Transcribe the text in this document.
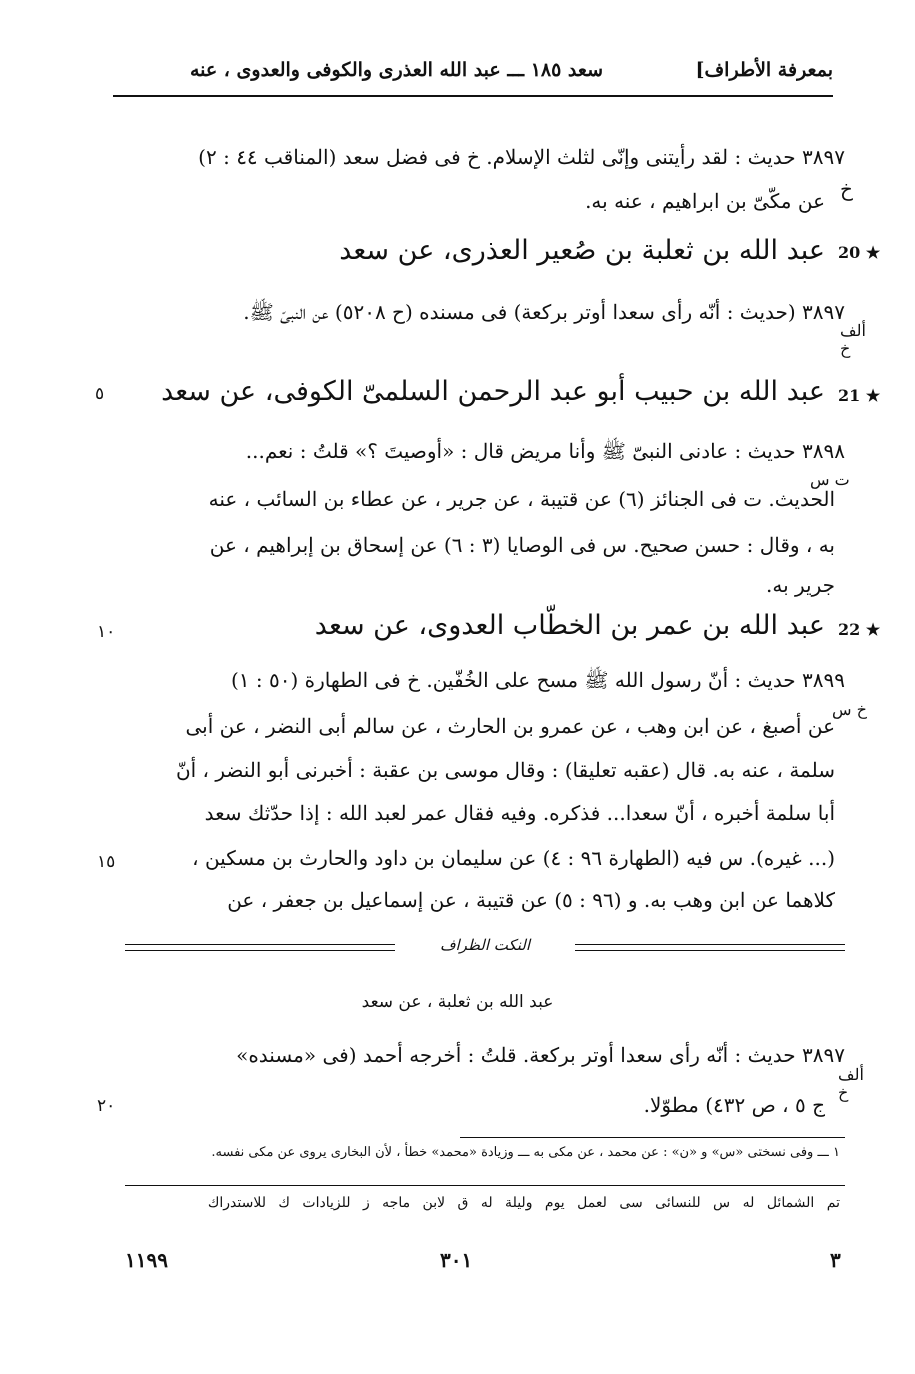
بمعرفة الأطراف]
سعد ١٨٥ ـــ عبد الله العذرى والكوفى والعدوى ، عنه
٣٨٩٧ حديث : لقد رأيتنى وإنّى لثلث الإسلام. خ فى فضل سعد (المناقب ٤٤ : ٢)
خ
عن مكّىّ بن ابراهيم ، عنه به.
20 ★
عبد الله بن ثعلبة بن صُعير العذرى، عن سعد
٣٨٩٧ (حديث : أنّه رأى سعدا أوتر بركعة) فى مسنده (ح ٥٢٠٨) عن النبىّ ﷺ.
ألف خ
21 ★
عبد الله بن حبيب أبو عبد الرحمن السلمىّ الكوفى، عن سعد
٥
٣٨٩٨ حديث : عادنى النبىّ ﷺ وأنا مريض قال : «أوصيتَ ؟» قلتُ : نعم...
ت س
الحديث. ت فى الجنائز (٦) عن قتيبة ، عن جرير ، عن عطاء بن السائب ، عنه
به ، وقال : حسن صحيح. س فى الوصايا (٣ : ٦) عن إسحاق بن إبراهيم ، عن
جرير به.
22 ★
عبد الله بن عمر بن الخطّاب العدوى، عن سعد
١٠
٣٨٩٩ حديث : أنّ رسول الله ﷺ مسح على الخُفّين. خ فى الطهارة (٥٠ : ١)
خ س
عن أصبغ ، عن ابن وهب ، عن عمرو بن الحارث ، عن سالم أبى النضر ، عن أبى
سلمة ، عنه به. قال (عقبه تعليقا) : وقال موسى بن عقبة : أخبرنى أبو النضر ، أنّ
أبا سلمة أخبره ، أنّ سعدا... فذكره. وفيه فقال عمر لعبد الله : إذا حدّثك سعد
(... غيره). س فيه (الطهارة ٩٦ : ٤) عن سليمان بن داود والحارث بن مسكين ،
١٥
كلاهما عن ابن وهب به. و (٩٦ : ٥) عن قتيبة ، عن إسماعيل بن جعفر ، عن
النكت الظراف
عبد الله بن ثعلبة ، عن سعد
٣٨٩٧ حديث : أنّه رأى سعدا أوتر بركعة. قلتُ : أخرجه أحمد (فى «مسنده»
ألف خ
ج ٥ ، ص ٤٣٢) مطوّلا.
٢٠
١ ـــ وفى نسختى «س» و «ن» : عن محمد ، عن مكى به ـــ وزيادة «محمد» خطأ ، لأن البخارى يروى عن مكى نفسه.
تم الشمائل له س للنسائى سى لعمل يوم وليلة له ق لابن ماجه ز للزيادات ك للاستدراك
٣
٣٠١
١١٩٩
